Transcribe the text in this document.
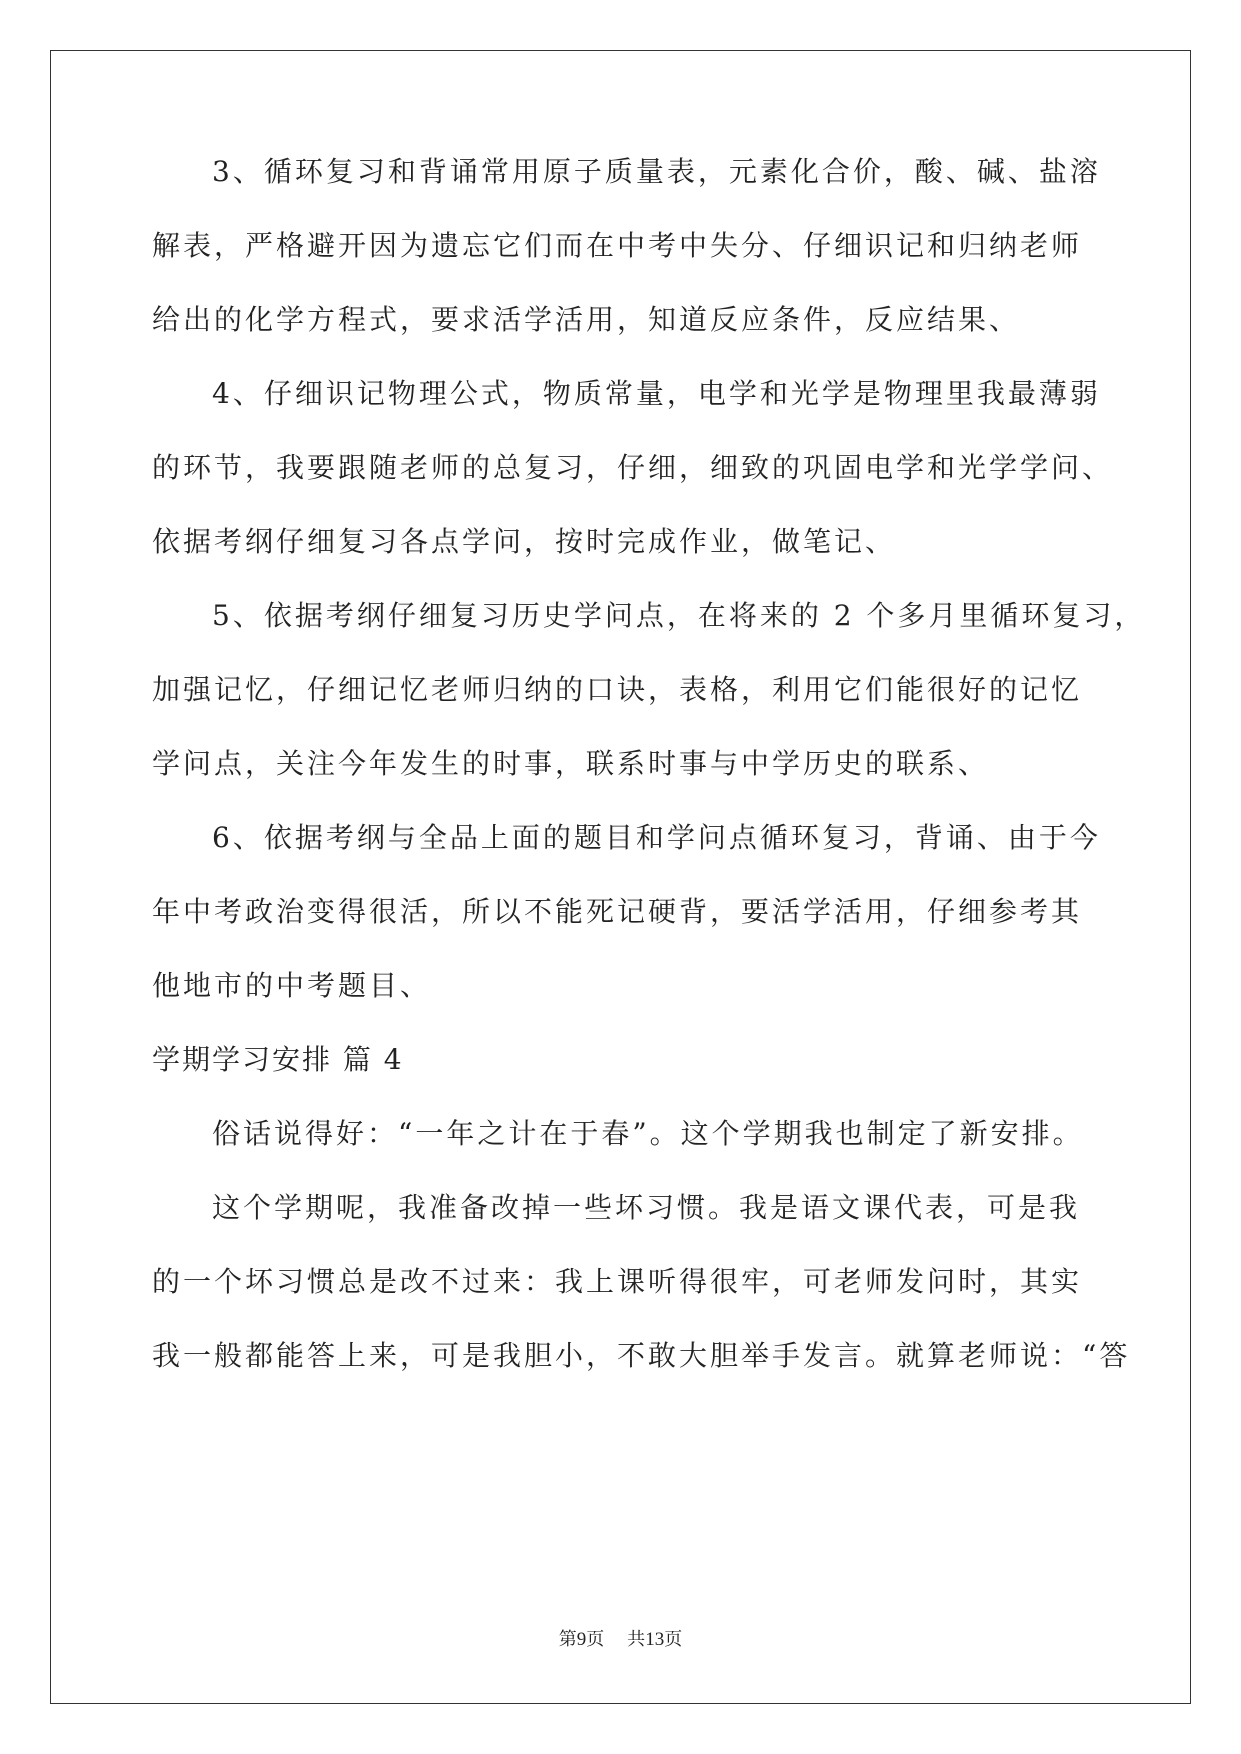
3、循环复习和背诵常用原子质量表，元素化合价，酸、碱、盐溶
解表，严格避开因为遗忘它们而在中考中失分、仔细识记和归纳老师
给出的化学方程式，要求活学活用，知道反应条件，反应结果、
4、仔细识记物理公式，物质常量，电学和光学是物理里我最薄弱
的环节，我要跟随老师的总复习，仔细，细致的巩固电学和光学学问、
依据考纲仔细复习各点学问，按时完成作业，做笔记、
5、依据考纲仔细复习历史学问点，在将来的 2 个多月里循环复习，
加强记忆，仔细记忆老师归纳的口诀，表格，利用它们能很好的记忆
学问点，关注今年发生的时事，联系时事与中学历史的联系、
6、依据考纲与全品上面的题目和学问点循环复习，背诵、由于今
年中考政治变得很活，所以不能死记硬背，要活学活用，仔细参考其
他地市的中考题目、
学期学习安排 篇 4
俗话说得好：“一年之计在于春”。这个学期我也制定了新安排。
这个学期呢，我准备改掉一些坏习惯。我是语文课代表，可是我
的一个坏习惯总是改不过来：我上课听得很牢，可老师发问时，其实
我一般都能答上来，可是我胆小，不敢大胆举手发言。就算老师说：“答
第9页    共13页
